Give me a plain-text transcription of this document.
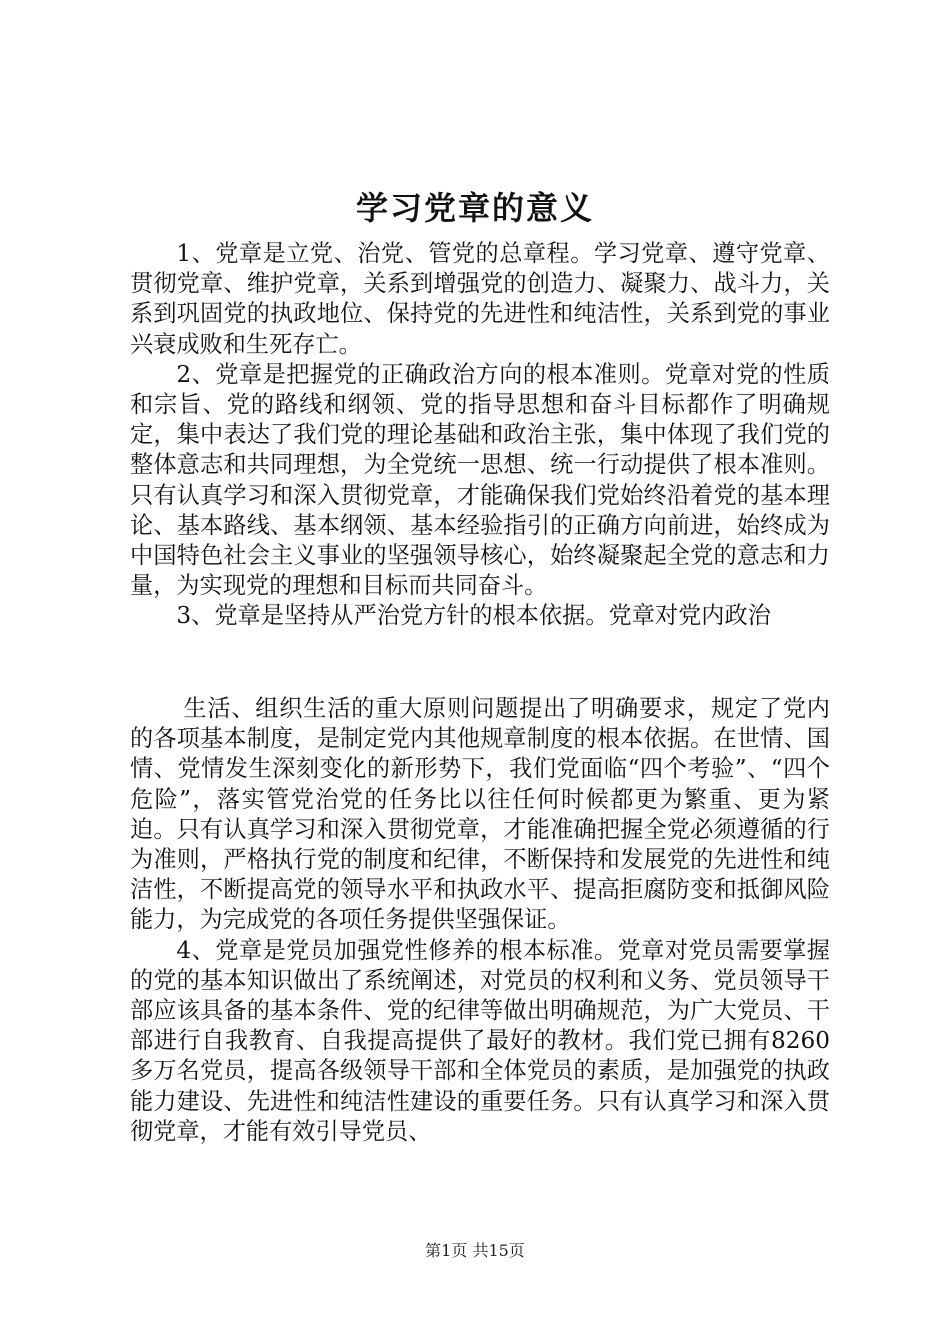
学习党章的意义

1、党章是立党、治党、管党的总章程。学习党章、遵守党章、贯彻党章、维护党章，关系到增强党的创造力、凝聚力、战斗力，关系到巩固党的执政地位、保持党的先进性和纯洁性，关系到党的事业兴衰成败和生死存亡。

2、党章是把握党的正确政治方向的根本准则。党章对党的性质和宗旨、党的路线和纲领、党的指导思想和奋斗目标都作了明确规定，集中表达了我们党的理论基础和政治主张，集中体现了我们党的整体意志和共同理想，为全党统一思想、统一行动提供了根本准则。只有认真学习和深入贯彻党章，才能确保我们党始终沿着党的基本理论、基本路线、基本纲领、基本经验指引的正确方向前进，始终成为中国特色社会主义事业的坚强领导核心，始终凝聚起全党的意志和力量，为实现党的理想和目标而共同奋斗。

3、党章是坚持从严治党方针的根本依据。党章对党内政治

生活、组织生活的重大原则问题提出了明确要求，规定了党内的各项基本制度，是制定党内其他规章制度的根本依据。在世情、国情、党情发生深刻变化的新形势下，我们党面临“四个考验”、“四个危险”，落实管党治党的任务比以往任何时候都更为繁重、更为紧迫。只有认真学习和深入贯彻党章，才能准确把握全党必须遵循的行为准则，严格执行党的制度和纪律，不断保持和发展党的先进性和纯洁性，不断提高党的领导水平和执政水平、提高拒腐防变和抵御风险能力，为完成党的各项任务提供坚强保证。

4、党章是党员加强党性修养的根本标准。党章对党员需要掌握的党的基本知识做出了系统阐述，对党员的权利和义务、党员领导干部应该具备的基本条件、党的纪律等做出明确规范，为广大党员、干部进行自我教育、自我提高提供了最好的教材。我们党已拥有8260多万名党员，提高各级领导干部和全体党员的素质，是加强党的执政能力建设、先进性和纯洁性建设的重要任务。只有认真学习和深入贯彻党章，才能有效引导党员、

第1页 共15页
